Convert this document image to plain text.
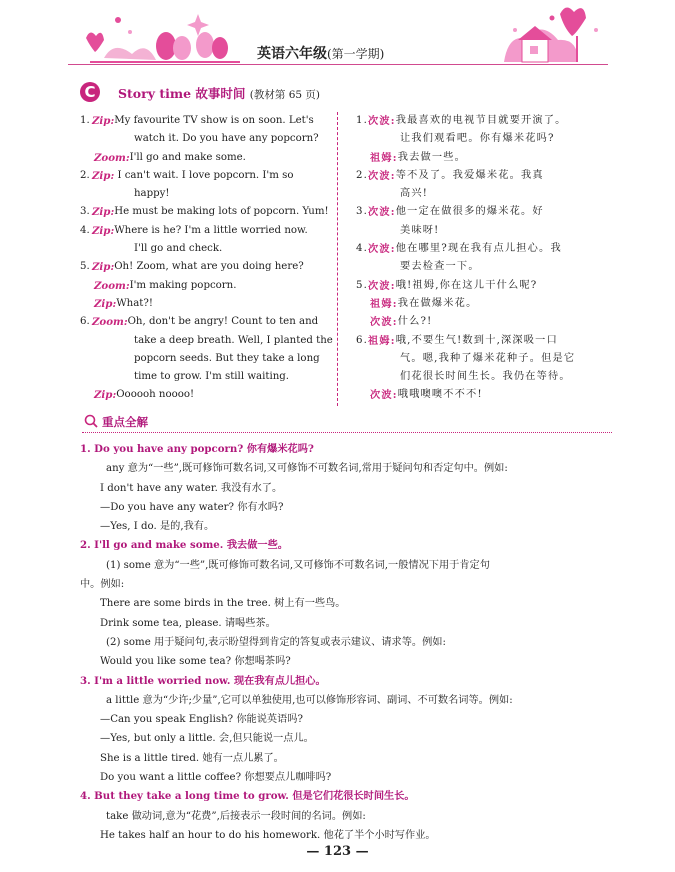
英语六年级(第一学期)
C	Story time 故事时间 (教材第 65 页)
1. Zip : My favourite TV show is on soon. Let's
watch it. Do you have any popcorn?
Zoom : I'll go and make some.
2. Zip : I can't wait. I love popcorn. I'm so
happy!
3. Zip : He must be making lots of popcorn. Yum!
4. Zip : Where is he? I'm a little worried now.
I'll go and check.
5. Zip : Oh! Zoom, what are you doing here?
Zoom : I'm making popcorn.
Zip : What?!
6. Zoom : Oh, don't be angry! Count to ten and
take a deep breath. Well, I planted the
popcorn seeds. But they take a long
time to grow. I'm still waiting.
Zip : Oooooh noooo!
1. 次波 : 我最喜欢的电视节目就要开演了。
让我们观看吧。你有爆米花吗?
祖姆 : 我去做一些。
2. 次波 : 等不及了。我爱爆米花。我真
高兴!
3. 次波 : 他一定在做很多的爆米花。好
美味呀!
4. 次波 : 他在哪里?现在我有点儿担心。我
要去检查一下。
5. 次波 : 哦!祖姆,你在这儿干什么呢?
祖姆 : 我在做爆米花。
次波 : 什么?!
6. 祖姆 : 哦,不要生气!数到十,深深吸一口
气。嗯,我种了爆米花种子。但是它
们花很长时间生长。我仍在等待。
次波 : 哦哦噢噢不不不!
重点全解
1. Do you have any popcorn? 你有爆米花吗?
any 意为“一些”,既可修饰可数名词,又可修饰不可数名词,常用于疑问句和否定句中。例如:
I don't have any water. 我没有水了。
—Do you have any water? 你有水吗?
—Yes, I do. 是的,我有。
2. I'll go and make some. 我去做一些。
(1) some 意为“一些”,既可修饰可数名词,又可修饰不可数名词,一般情况下用于肯定句
中。例如:
There are some birds in the tree. 树上有一些鸟。
Drink some tea, please. 请喝些茶。
(2) some 用于疑问句,表示盼望得到肯定的答复或表示建议、请求等。例如:
Would you like some tea? 你想喝茶吗?
3. I'm a little worried now. 现在我有点儿担心。
a little 意为“少许;少量”,它可以单独使用,也可以修饰形容词、副词、不可数名词等。例如:
—Can you speak English? 你能说英语吗?
—Yes, but only a little. 会,但只能说一点儿。
She is a little tired. 她有一点儿累了。
Do you want a little coffee? 你想要点儿咖啡吗?
4. But they take a long time to grow. 但是它们花很长时间生长。
take 做动词,意为“花费”,后接表示一段时间的名词。例如:
He takes half an hour to do his homework. 他花了半个小时写作业。
— 123 —
